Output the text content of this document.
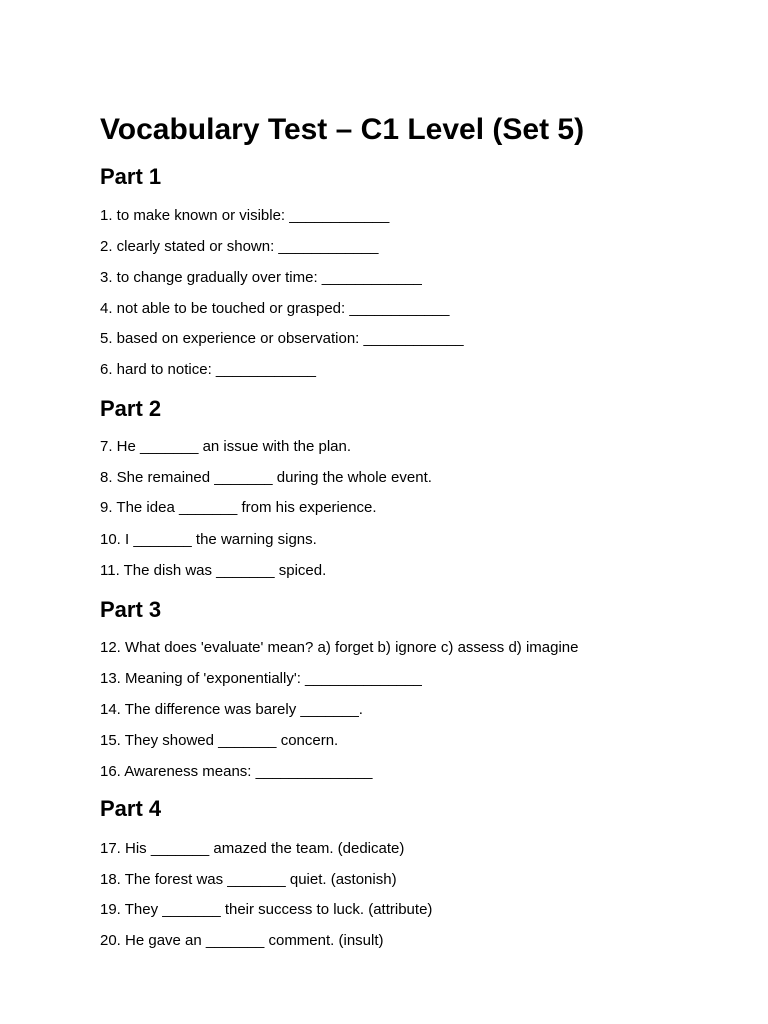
Vocabulary Test – C1 Level (Set 5)
Part 1

1. to make known or visible: ____________

2. clearly stated or shown: ____________

3. to change gradually over time: ____________

4. not able to be touched or grasped: ____________

5. based on experience or observation: ____________

6. hard to notice: ____________

Part 2

7. He _______ an issue with the plan.

8. She remained _______ during the whole event.

9. The idea _______ from his experience.

10. I _______ the warning signs.

11. The dish was _______ spiced.

Part 3

12. What does 'evaluate' mean? a) forget b) ignore c) assess d) imagine

13. Meaning of 'exponentially': ______________

14. The difference was barely _______.

15. They showed _______ concern.

16. Awareness means: ______________

Part 4

17. His _______ amazed the team. (dedicate)

18. The forest was _______ quiet. (astonish)

19. They _______ their success to luck. (attribute)

20. He gave an _______ comment. (insult)
